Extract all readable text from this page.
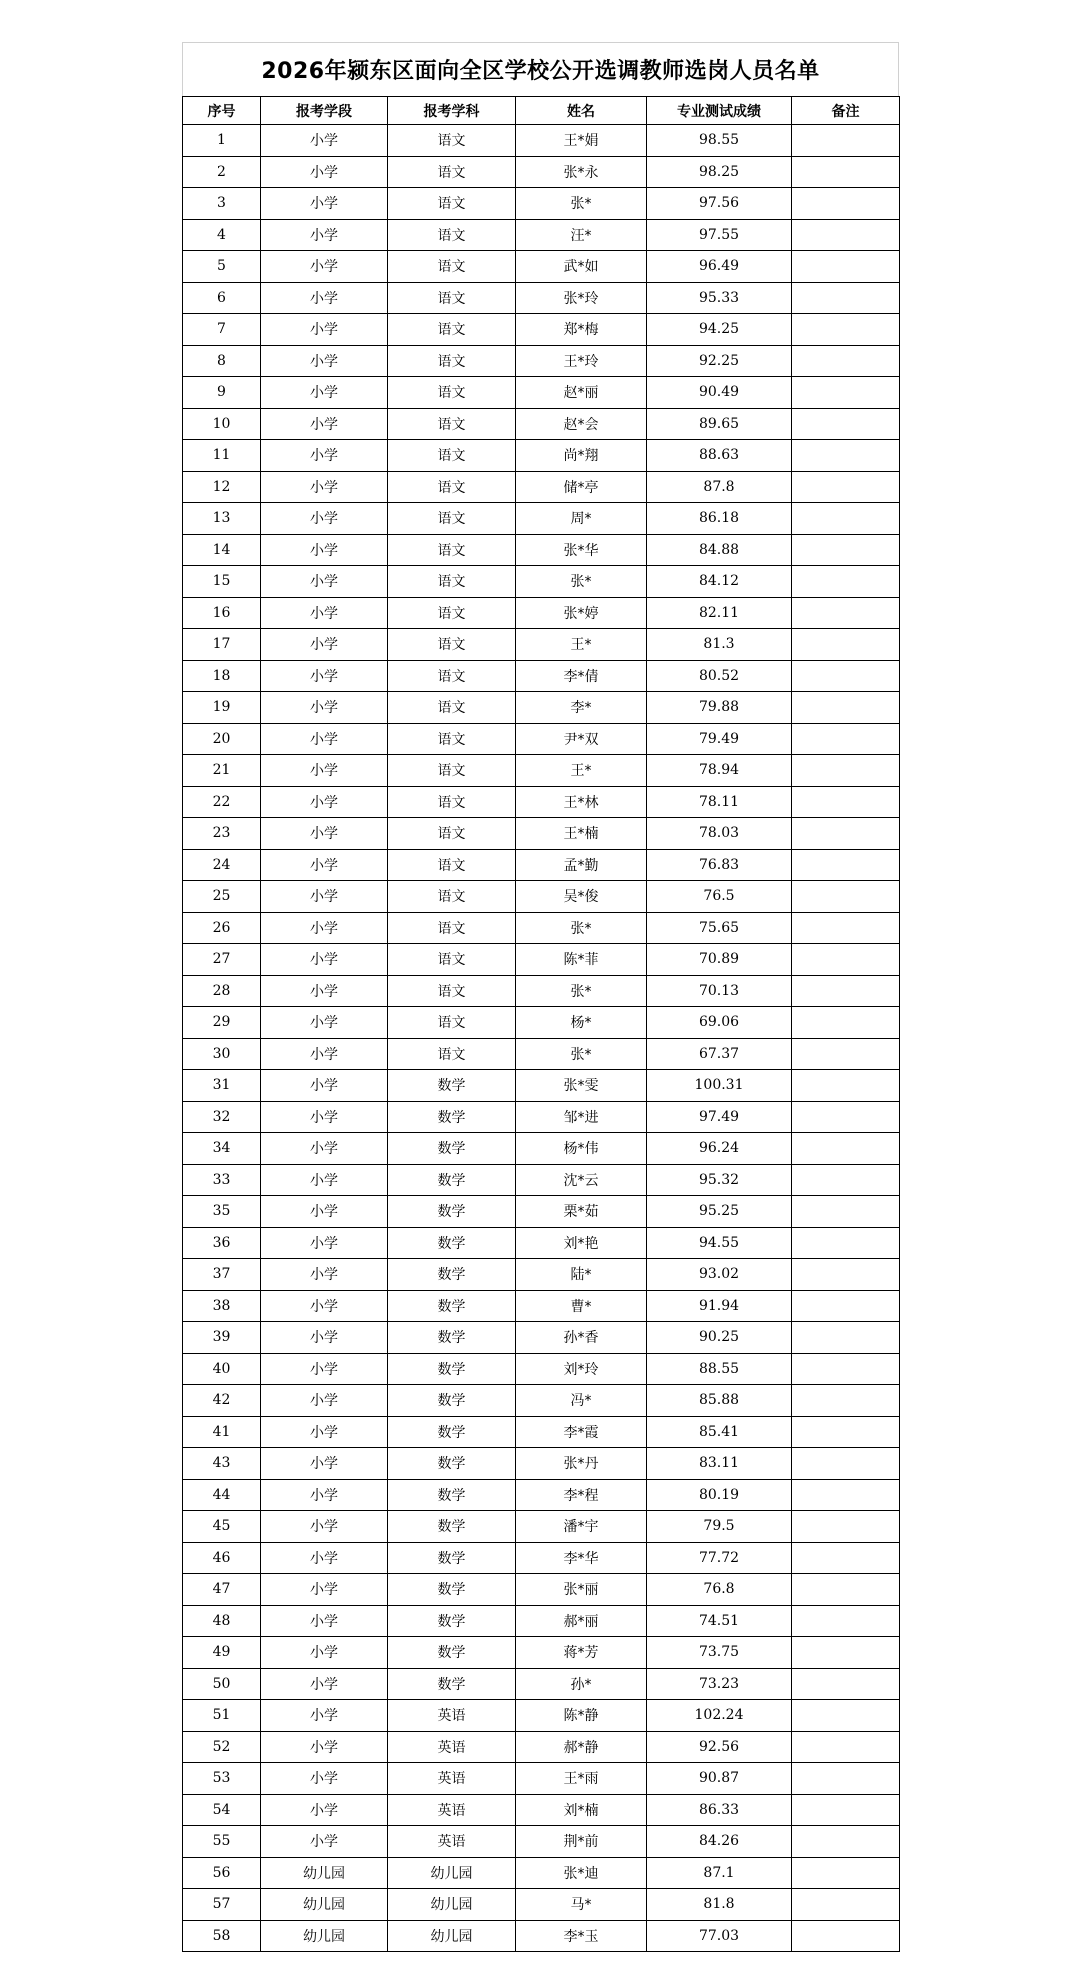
2026年颍东区面向全区学校公开选调教师选岗人员名单
序号	报考学段	报考学科	姓名	专业测试成绩	备注
1	小学	语文	王*娟	98.55	
2	小学	语文	张*永	98.25	
3	小学	语文	张*	97.56	
4	小学	语文	汪*	97.55	
5	小学	语文	武*如	96.49	
6	小学	语文	张*玲	95.33	
7	小学	语文	郑*梅	94.25	
8	小学	语文	王*玲	92.25	
9	小学	语文	赵*丽	90.49	
10	小学	语文	赵*会	89.65	
11	小学	语文	尚*翔	88.63	
12	小学	语文	储*亭	87.8	
13	小学	语文	周*	86.18	
14	小学	语文	张*华	84.88	
15	小学	语文	张*	84.12	
16	小学	语文	张*婷	82.11	
17	小学	语文	王*	81.3	
18	小学	语文	李*倩	80.52	
19	小学	语文	李*	79.88	
20	小学	语文	尹*双	79.49	
21	小学	语文	王*	78.94	
22	小学	语文	王*林	78.11	
23	小学	语文	王*楠	78.03	
24	小学	语文	孟*勤	76.83	
25	小学	语文	吴*俊	76.5	
26	小学	语文	张*	75.65	
27	小学	语文	陈*菲	70.89	
28	小学	语文	张*	70.13	
29	小学	语文	杨*	69.06	
30	小学	语文	张*	67.37	
31	小学	数学	张*雯	100.31	
32	小学	数学	邹*进	97.49	
34	小学	数学	杨*伟	96.24	
33	小学	数学	沈*云	95.32	
35	小学	数学	栗*茹	95.25	
36	小学	数学	刘*艳	94.55	
37	小学	数学	陆*	93.02	
38	小学	数学	曹*	91.94	
39	小学	数学	孙*香	90.25	
40	小学	数学	刘*玲	88.55	
42	小学	数学	冯*	85.88	
41	小学	数学	李*霞	85.41	
43	小学	数学	张*丹	83.11	
44	小学	数学	李*程	80.19	
45	小学	数学	潘*宇	79.5	
46	小学	数学	李*华	77.72	
47	小学	数学	张*丽	76.8	
48	小学	数学	郝*丽	74.51	
49	小学	数学	蒋*芳	73.75	
50	小学	数学	孙*	73.23	
51	小学	英语	陈*静	102.24	
52	小学	英语	郝*静	92.56	
53	小学	英语	王*雨	90.87	
54	小学	英语	刘*楠	86.33	
55	小学	英语	荆*前	84.26	
56	幼儿园	幼儿园	张*迪	87.1	
57	幼儿园	幼儿园	马*	81.8	
58	幼儿园	幼儿园	李*玉	77.03	
